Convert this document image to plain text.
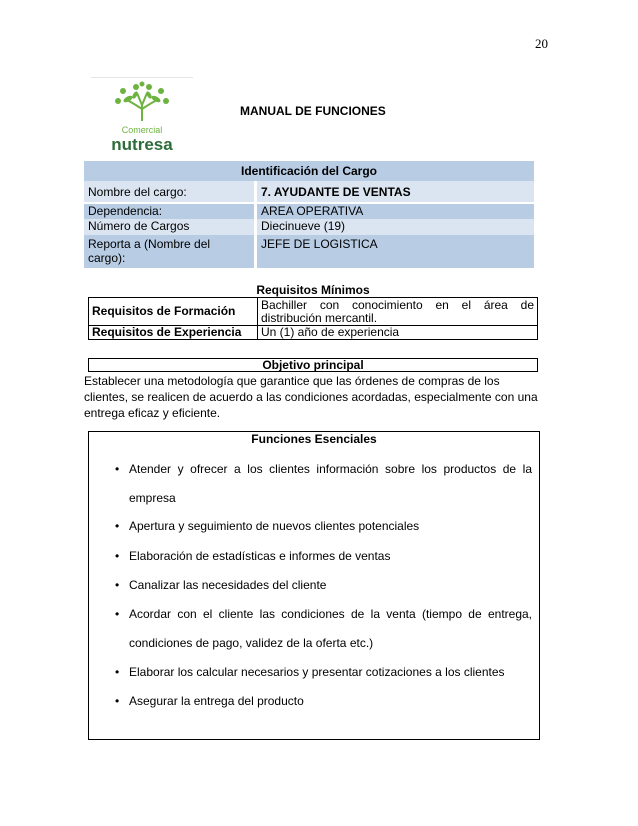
20
Comercial
nutresa
MANUAL DE FUNCIONES
Identificación del Cargo	
Nombre del cargo:	7. AYUDANTE DE VENTAS
Dependencia:	AREA OPERATIVA
Número de Cargos	Diecinueve (19)
Reporta a (Nombre del cargo):	JEFE DE LOGISTICA
Requisitos Mínimos	
Requisitos de Formación	Bachiller con conocimiento en el área de distribución mercantil.
Requisitos de Experiencia	Un (1) año de experiencia
Objetivo principal
Establecer una metodología que garantice que las órdenes de compras de los clientes, se realicen de acuerdo a las condiciones acordadas, especialmente con una entrega eficaz y eficiente.
Funciones Esenciales
• Atender y ofrecer a los clientes información sobre los productos de la empresa
• Apertura y seguimiento de nuevos clientes potenciales
• Elaboración de estadísticas e informes de ventas
• Canalizar las necesidades del cliente
• Acordar con el cliente las condiciones de la venta (tiempo de entrega, condiciones de pago, validez de la oferta etc.)
• Elaborar los calcular necesarios y presentar cotizaciones a los clientes
• Asegurar la entrega del producto
